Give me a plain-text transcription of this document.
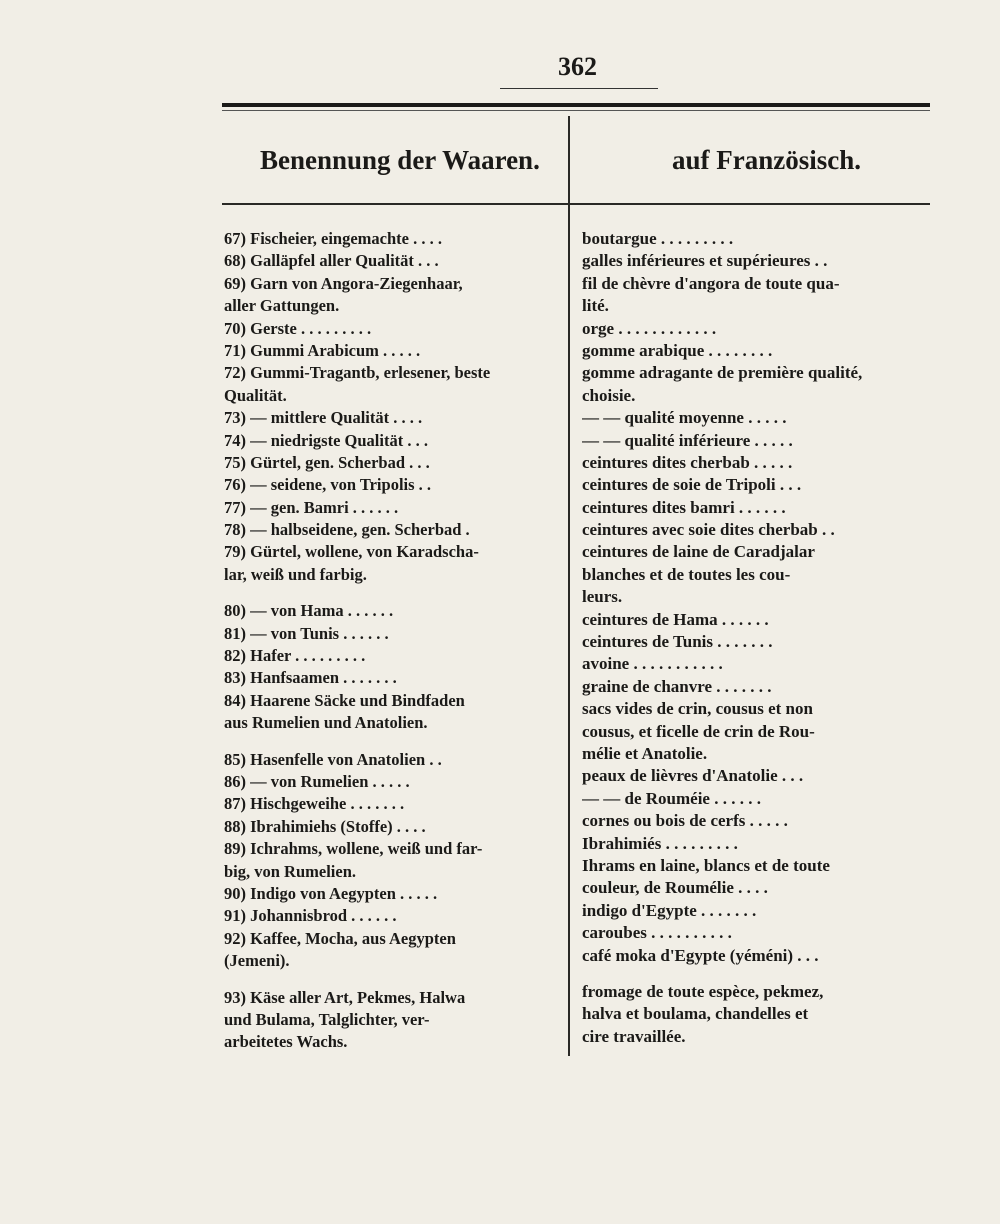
362
Benennung der Waaren.	auf Französisch.
67) Fischeier, eingemachte . . . .
68) Galläpfel aller Qualität . . .
69) Garn von Angora-Ziegenhaar,
aller Gattungen.
70) Gerste . . . . . . . . .
71) Gummi Arabicum . . . . .
72) Gummi-Tragantb, erlesener, beste
Qualität.
73) — mittlere Qualität . . . .
74) — niedrigste Qualität . . .
75) Gürtel, gen. Scherbad . . .
76) — seidene, von Tripolis . .
77) — gen. Bamri . . . . . .
78) — halbseidene, gen. Scherbad .
79) Gürtel, wollene, von Karadscha-
lar, weiß und farbig.
80) — von Hama . . . . . .
81) — von Tunis . . . . . .
82) Hafer . . . . . . . . .
83) Hanfsaamen . . . . . . .
84) Haarene Säcke und Bindfaden
aus Rumelien und Anatolien.
85) Hasenfelle von Anatolien . .
86) — von Rumelien . . . . .
87) Hischgeweihe . . . . . . .
88) Ibrahimiehs (Stoffe) . . . .
89) Ichrahms, wollene, weiß und far-
big, von Rumelien.
90) Indigo von Aegypten . . . . .
91) Johannisbrod . . . . . .
92) Kaffee, Mocha, aus Aegypten
(Jemeni).
93) Käse aller Art, Pekmes, Halwa
und Bulama, Talglichter, ver-
arbeitetes Wachs.
boutargue . . . . . . . . .
galles inférieures et supérieures . .
fil de chèvre d'angora de toute qua-
lité.
orge . . . . . . . . . . . .
gomme arabique . . . . . . . .
gomme adragante de première qualité,
choisie.
— — qualité moyenne . . . . .
— — qualité inférieure . . . . .
ceintures dites cherbab . . . . .
ceintures de soie de Tripoli . . .
ceintures dites bamri . . . . . .
ceintures avec soie dites cherbab . .
ceintures de laine de Caradjalar
blanches et de toutes les cou-
leurs.
ceintures de Hama . . . . . .
ceintures de Tunis . . . . . . .
avoine . . . . . . . . . . .
graine de chanvre . . . . . . .
sacs vides de crin, cousus et non
cousus, et ficelle de crin de Rou-
mélie et Anatolie.
peaux de lièvres d'Anatolie . . .
— — de Rouméie . . . . . .
cornes ou bois de cerfs . . . . .
Ibrahimiés . . . . . . . . .
Ihrams en laine, blancs et de toute
couleur, de Roumélie . . . .
indigo d'Egypte . . . . . . .
caroubes . . . . . . . . . .
café moka d'Egypte (yéméni) . . .
fromage de toute espèce, pekmez,
halva et boulama, chandelles et
cire travaillée.
